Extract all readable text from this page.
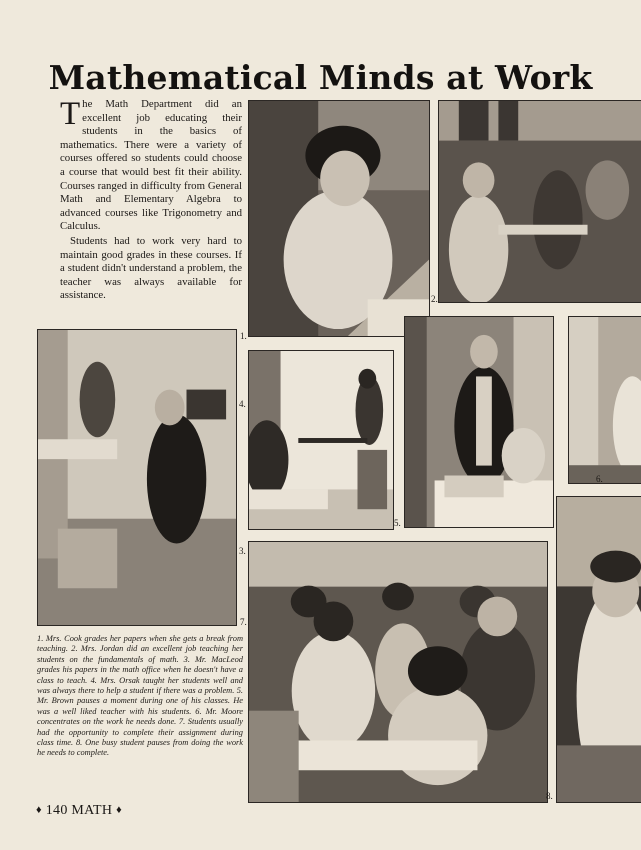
Mathematical Minds at Work

The Math Department did an excellent job educating their students in the basics of mathematics. There were a variety of courses offered so students could choose a course that would best fit their ability. Courses ranged in difficulty from General Math and Elementary Algebra to advanced courses like Trigonometry and Calculus.

Students had to work very hard to maintain good grades in these courses. If a student didn't understand a problem, the teacher was always available for assistance.	2.
1.
4.
5.
6.
3.
7.
8.
1. Mrs. Cook grades her papers when she gets a break from teaching. 2. Mrs. Jordan did an excellent job teaching her students on the fundamentals of math. 3. Mr. MacLeod grades his papers in the math office when he doesn't have a class to teach. 4. Mrs. Orsak taught her students well and was always there to help a student if there was a problem. 5. Mr. Brown pauses a moment during one of his classes. He was a well liked teacher with his students. 6. Mr. Moore concentrates on the work he needs done. 7. Students usually had the opportunity to complete their assignment during class time. 8. One busy student pauses from doing the work he needs to complete.
♦ 140 MATH ♦
